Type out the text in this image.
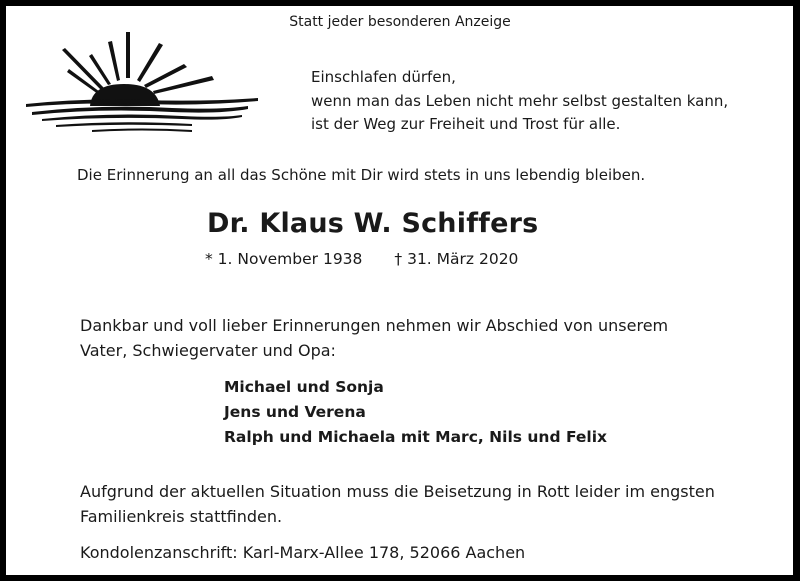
Statt jeder besonderen Anzeige
Einschlafen dürfen,
wenn man das Leben nicht mehr selbst gestalten kann,
ist der Weg zur Freiheit und Trost für alle.
Die Erinnerung an all das Schöne mit Dir wird stets in uns lebendig bleiben.
Dr. Klaus W. Schiffers
* 1. November 1938 † 31. März 2020
Dankbar und voll lieber Erinnerungen nehmen wir Abschied von unserem
Vater, Schwiegervater und Opa:
Michael und Sonja
Jens und Verena
Ralph und Michaela mit Marc, Nils und Felix
Aufgrund der aktuellen Situation muss die Beisetzung in Rott leider im engsten
Familienkreis stattfinden.
Kondolenzanschrift: Karl-Marx-Allee 178, 52066 Aachen
